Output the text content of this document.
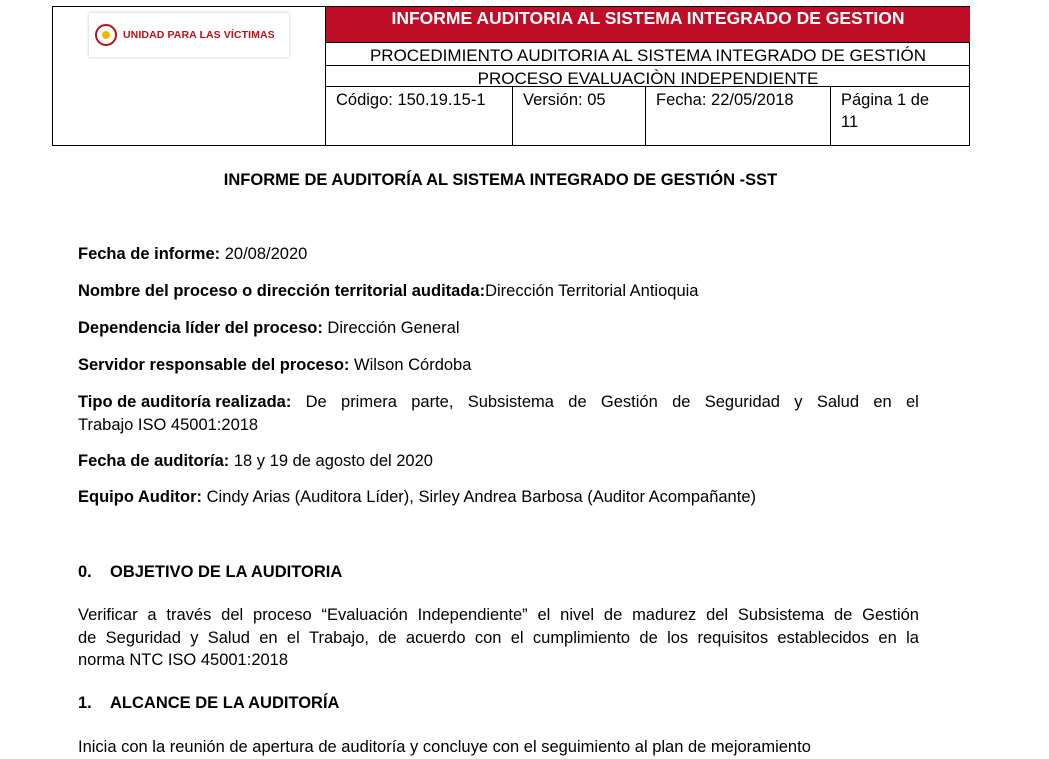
UNIDAD PARA LAS VÍCTIMAS
INFORME AUDITORIA AL SISTEMA INTEGRADO DE GESTION
PROCEDIMIENTO AUDITORIA AL SISTEMA INTEGRADO DE GESTIÓN
PROCESO EVALUACIÒN INDEPENDIENTE
Código: 150.19.15-1	Versión: 05	Fecha: 22/05/2018	Página 1 de
11
INFORME DE AUDITORÍA AL SISTEMA INTEGRADO DE GESTIÓN -SST
Fecha de informe: 20/08/2020
Nombre del proceso o dirección territorial auditada:Dirección Territorial Antioquia
Dependencia líder del proceso: Dirección General
Servidor responsable del proceso: Wilson Córdoba
Tipo de auditoría realizada: De primera parte, Subsistema de Gestión de Seguridad y Salud en el
Trabajo ISO 45001:2018
Fecha de auditoría: 18 y 19 de agosto del 2020
Equipo Auditor: Cindy Arias (Auditora Líder), Sirley Andrea Barbosa (Auditor Acompañante)
0. OBJETIVO DE LA AUDITORIA
Verificar a través del proceso “Evaluación Independiente” el nivel de madurez del Subsistema de Gestión
de Seguridad y Salud en el Trabajo, de acuerdo con el cumplimiento de los requisitos establecidos en la
norma NTC ISO 45001:2018
1. ALCANCE DE LA AUDITORÍA
Inicia con la reunión de apertura de auditoría y concluye con el seguimiento al plan de mejoramiento
